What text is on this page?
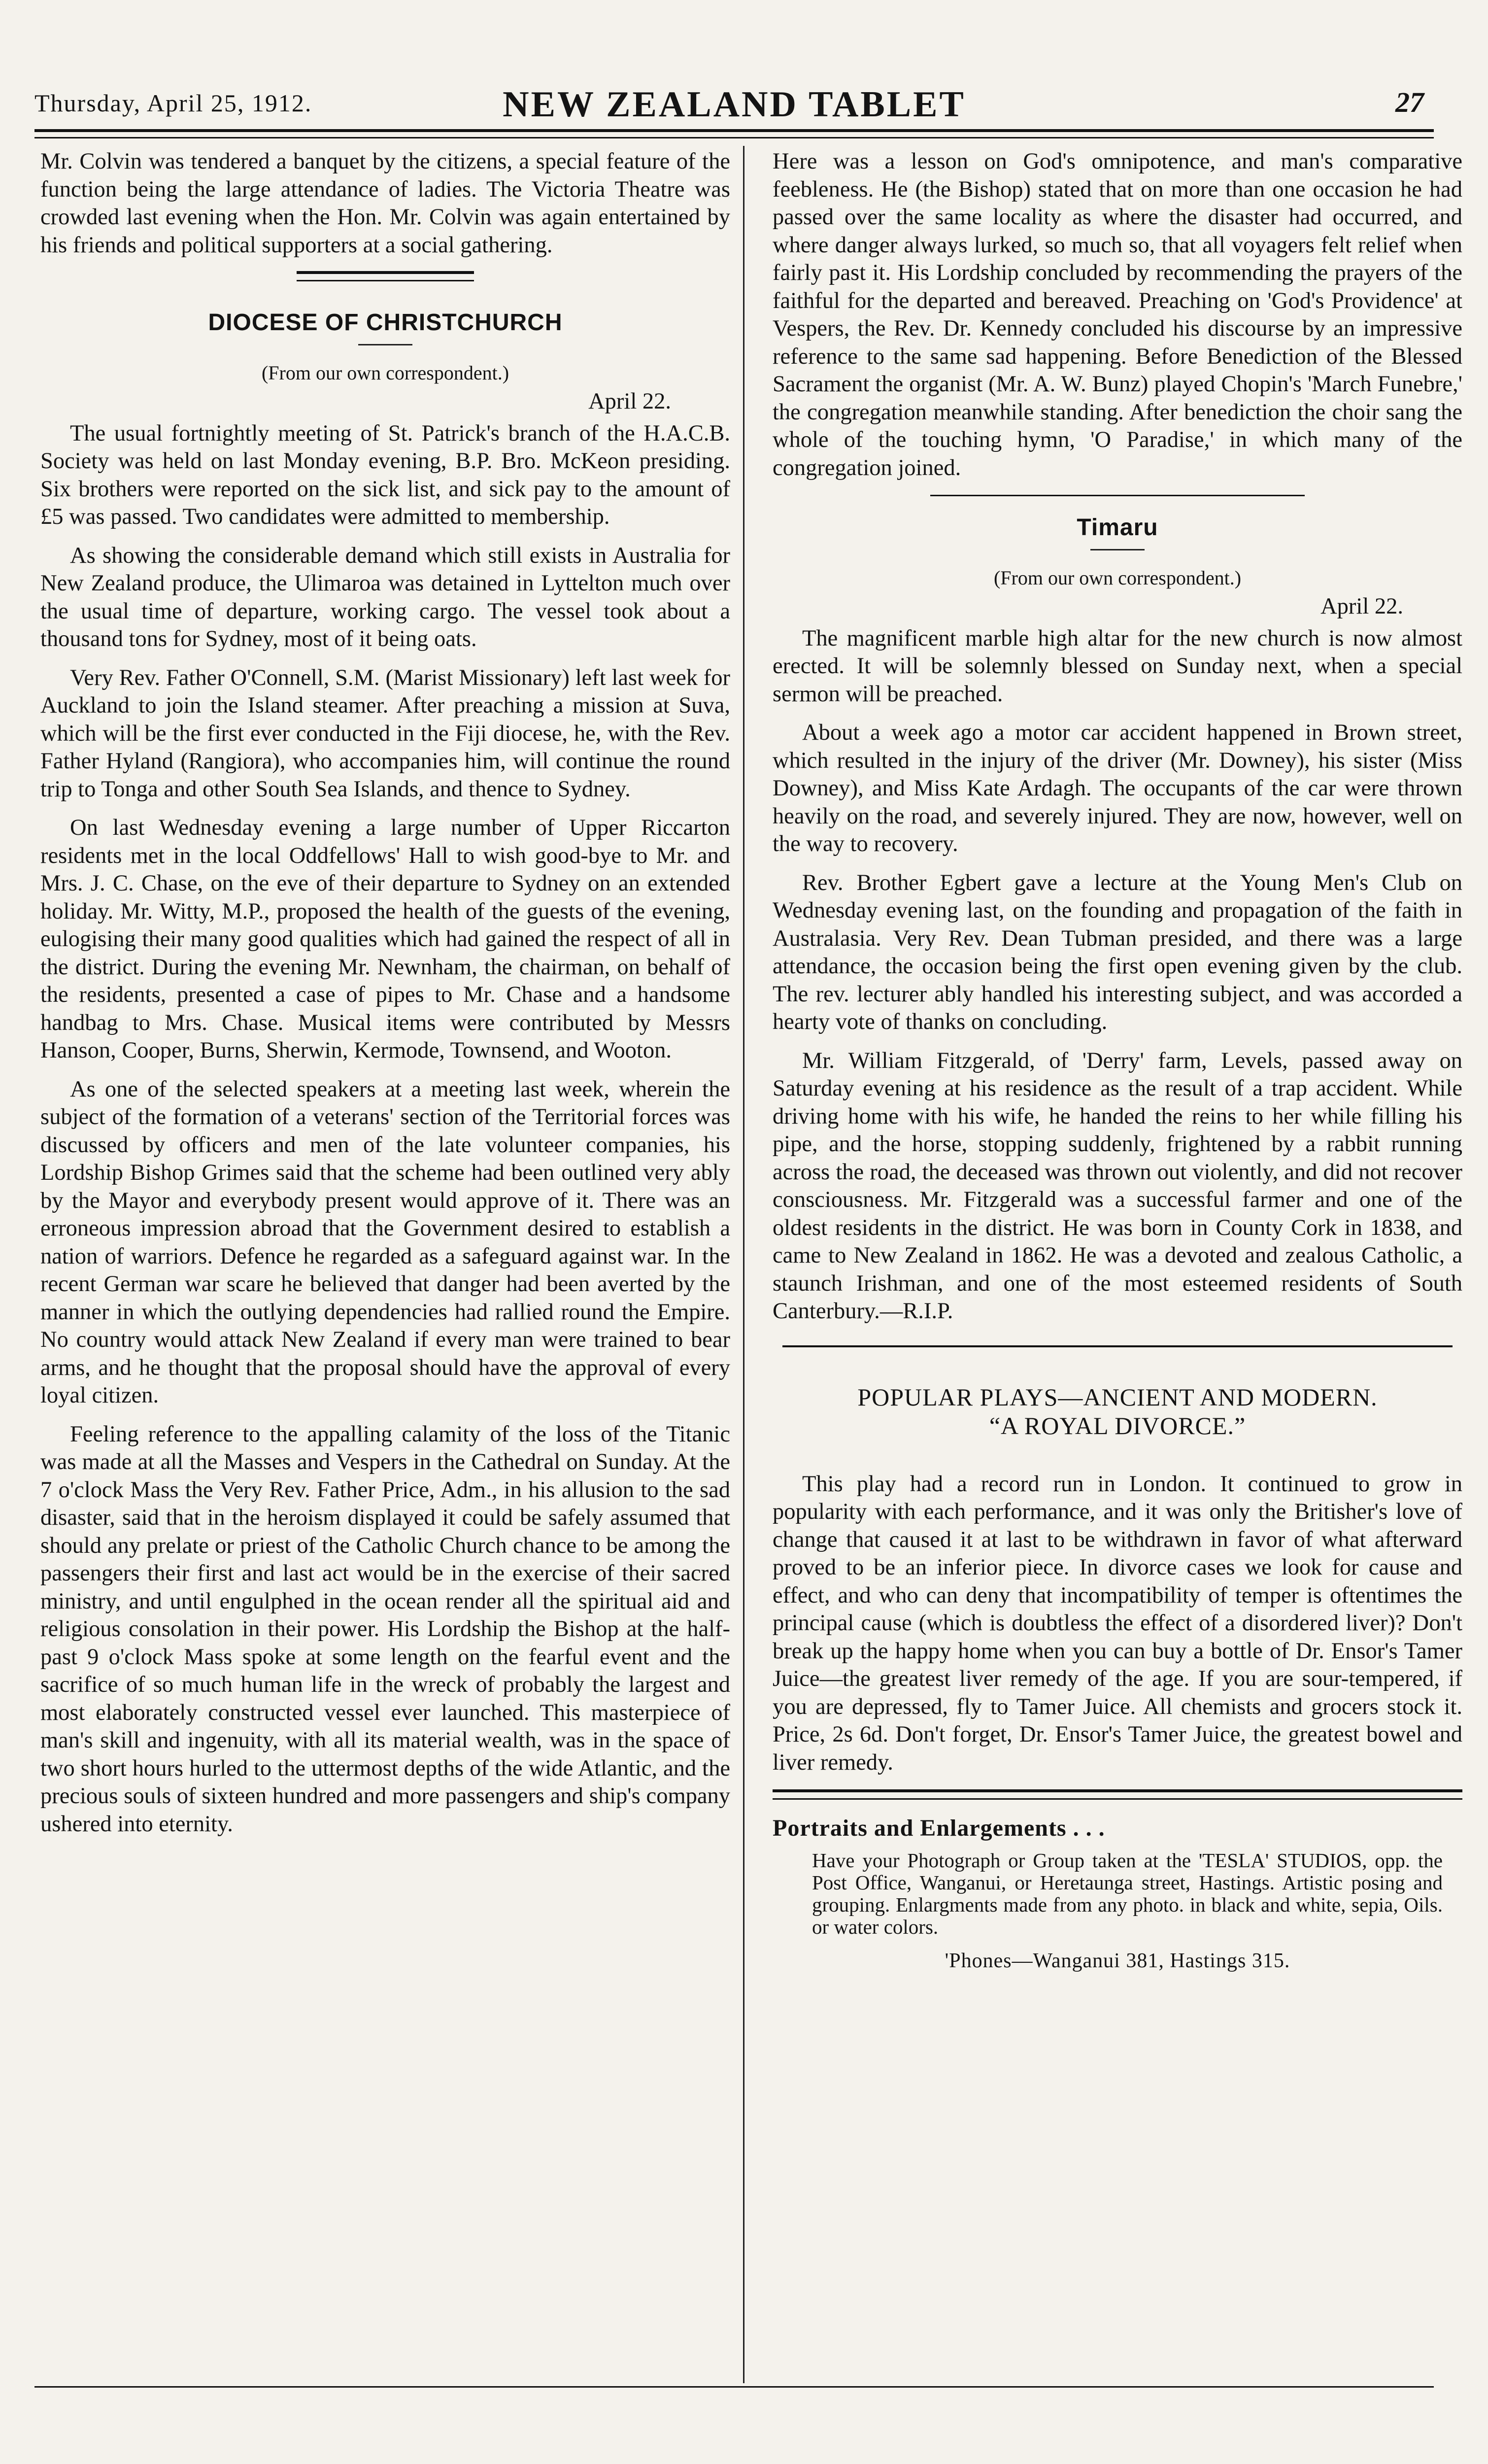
Thursday, April 25, 1912.	NEW ZEALAND TABLET	27

Mr. Colvin was tendered a banquet by the citizens, a special feature of the function being the large attendance of ladies. The Victoria Theatre was crowded last evening when the Hon. Mr. Colvin was again entertained by his friends and political supporters at a social gathering.

DIOCESE OF CHRISTCHURCH
(From our own correspondent.)
April 22.

The usual fortnightly meeting of St. Patrick's branch of the H.A.C.B. Society was held on last Monday evening, B.P. Bro. McKeon presiding. Six brothers were reported on the sick list, and sick pay to the amount of £5 was passed. Two candidates were admitted to membership.

As showing the considerable demand which still exists in Australia for New Zealand produce, the Ulimaroa was detained in Lyttelton much over the usual time of departure, working cargo. The vessel took about a thousand tons for Sydney, most of it being oats.

Very Rev. Father O'Connell, S.M. (Marist Missionary) left last week for Auckland to join the Island steamer. After preaching a mission at Suva, which will be the first ever conducted in the Fiji diocese, he, with the Rev. Father Hyland (Rangiora), who accompanies him, will continue the round trip to Tonga and other South Sea Islands, and thence to Sydney.

On last Wednesday evening a large number of Upper Riccarton residents met in the local Oddfellows' Hall to wish good-bye to Mr. and Mrs. J. C. Chase, on the eve of their departure to Sydney on an extended holiday. Mr. Witty, M.P., proposed the health of the guests of the evening, eulogising their many good qualities which had gained the respect of all in the district. During the evening Mr. Newnham, the chairman, on behalf of the residents, presented a case of pipes to Mr. Chase and a handsome handbag to Mrs. Chase. Musical items were contributed by Messrs Hanson, Cooper, Burns, Sherwin, Kermode, Townsend, and Wooton.

As one of the selected speakers at a meeting last week, wherein the subject of the formation of a veterans' section of the Territorial forces was discussed by officers and men of the late volunteer companies, his Lordship Bishop Grimes said that the scheme had been outlined very ably by the Mayor and everybody present would approve of it. There was an erroneous impression abroad that the Government desired to establish a nation of warriors. Defence he regarded as a safeguard against war. In the recent German war scare he believed that danger had been averted by the manner in which the outlying dependencies had rallied round the Empire. No country would attack New Zealand if every man were trained to bear arms, and he thought that the proposal should have the approval of every loyal citizen.

Feeling reference to the appalling calamity of the loss of the Titanic was made at all the Masses and Vespers in the Cathedral on Sunday. At the 7 o'clock Mass the Very Rev. Father Price, Adm., in his allusion to the sad disaster, said that in the heroism displayed it could be safely assumed that should any prelate or priest of the Catholic Church chance to be among the passengers their first and last act would be in the exercise of their sacred ministry, and until engulphed in the ocean render all the spiritual aid and religious consolation in their power. His Lordship the Bishop at the half-past 9 o'clock Mass spoke at some length on the fearful event and the sacrifice of so much human life in the wreck of probably the largest and most elaborately constructed vessel ever launched. This masterpiece of man's skill and ingenuity, with all its material wealth, was in the space of two short hours hurled to the uttermost depths of the wide Atlantic, and the precious souls of sixteen hundred and more passengers and ship's company ushered into eternity.

Here was a lesson on God's omnipotence, and man's comparative feebleness. He (the Bishop) stated that on more than one occasion he had passed over the same locality as where the disaster had occurred, and where danger always lurked, so much so, that all voyagers felt relief when fairly past it. His Lordship concluded by recommending the prayers of the faithful for the departed and bereaved. Preaching on 'God's Providence' at Vespers, the Rev. Dr. Kennedy concluded his discourse by an impressive reference to the same sad happening. Before Benediction of the Blessed Sacrament the organist (Mr. A. W. Bunz) played Chopin's 'March Funebre,' the congregation meanwhile standing. After benediction the choir sang the whole of the touching hymn, 'O Paradise,' in which many of the congregation joined.

Timaru
(From our own correspondent.)
April 22.

The magnificent marble high altar for the new church is now almost erected. It will be solemnly blessed on Sunday next, when a special sermon will be preached.

About a week ago a motor car accident happened in Brown street, which resulted in the injury of the driver (Mr. Downey), his sister (Miss Downey), and Miss Kate Ardagh. The occupants of the car were thrown heavily on the road, and severely injured. They are now, however, well on the way to recovery.

Rev. Brother Egbert gave a lecture at the Young Men's Club on Wednesday evening last, on the founding and propagation of the faith in Australasia. Very Rev. Dean Tubman presided, and there was a large attendance, the occasion being the first open evening given by the club. The rev. lecturer ably handled his interesting subject, and was accorded a hearty vote of thanks on concluding.

Mr. William Fitzgerald, of 'Derry' farm, Levels, passed away on Saturday evening at his residence as the result of a trap accident. While driving home with his wife, he handed the reins to her while filling his pipe, and the horse, stopping suddenly, frightened by a rabbit running across the road, the deceased was thrown out violently, and did not recover consciousness. Mr. Fitzgerald was a successful farmer and one of the oldest residents in the district. He was born in County Cork in 1838, and came to New Zealand in 1862. He was a devoted and zealous Catholic, a staunch Irishman, and one of the most esteemed residents of South Canterbury.—R.I.P.

POPULAR PLAYS—ANCIENT AND MODERN.
“A ROYAL DIVORCE.”

This play had a record run in London. It continued to grow in popularity with each performance, and it was only the Britisher's love of change that caused it at last to be withdrawn in favor of what afterward proved to be an inferior piece. In divorce cases we look for cause and effect, and who can deny that incompatibility of temper is oftentimes the principal cause (which is doubtless the effect of a disordered liver)? Don't break up the happy home when you can buy a bottle of Dr. Ensor's Tamer Juice—the greatest liver remedy of the age. If you are sour-tempered, if you are depressed, fly to Tamer Juice. All chemists and grocers stock it. Price, 2s 6d. Don't forget, Dr. Ensor's Tamer Juice, the greatest bowel and liver remedy.

Portraits and Enlargements . . .
Have your Photograph or Group taken at the 'TESLA' STUDIOS, opp. the Post Office, Wanganui, or Heretaunga street, Hastings. Artistic posing and grouping. Enlargments made from any photo. in black and white, sepia, Oils. or water colors.
'Phones—Wanganui 381, Hastings 315.
